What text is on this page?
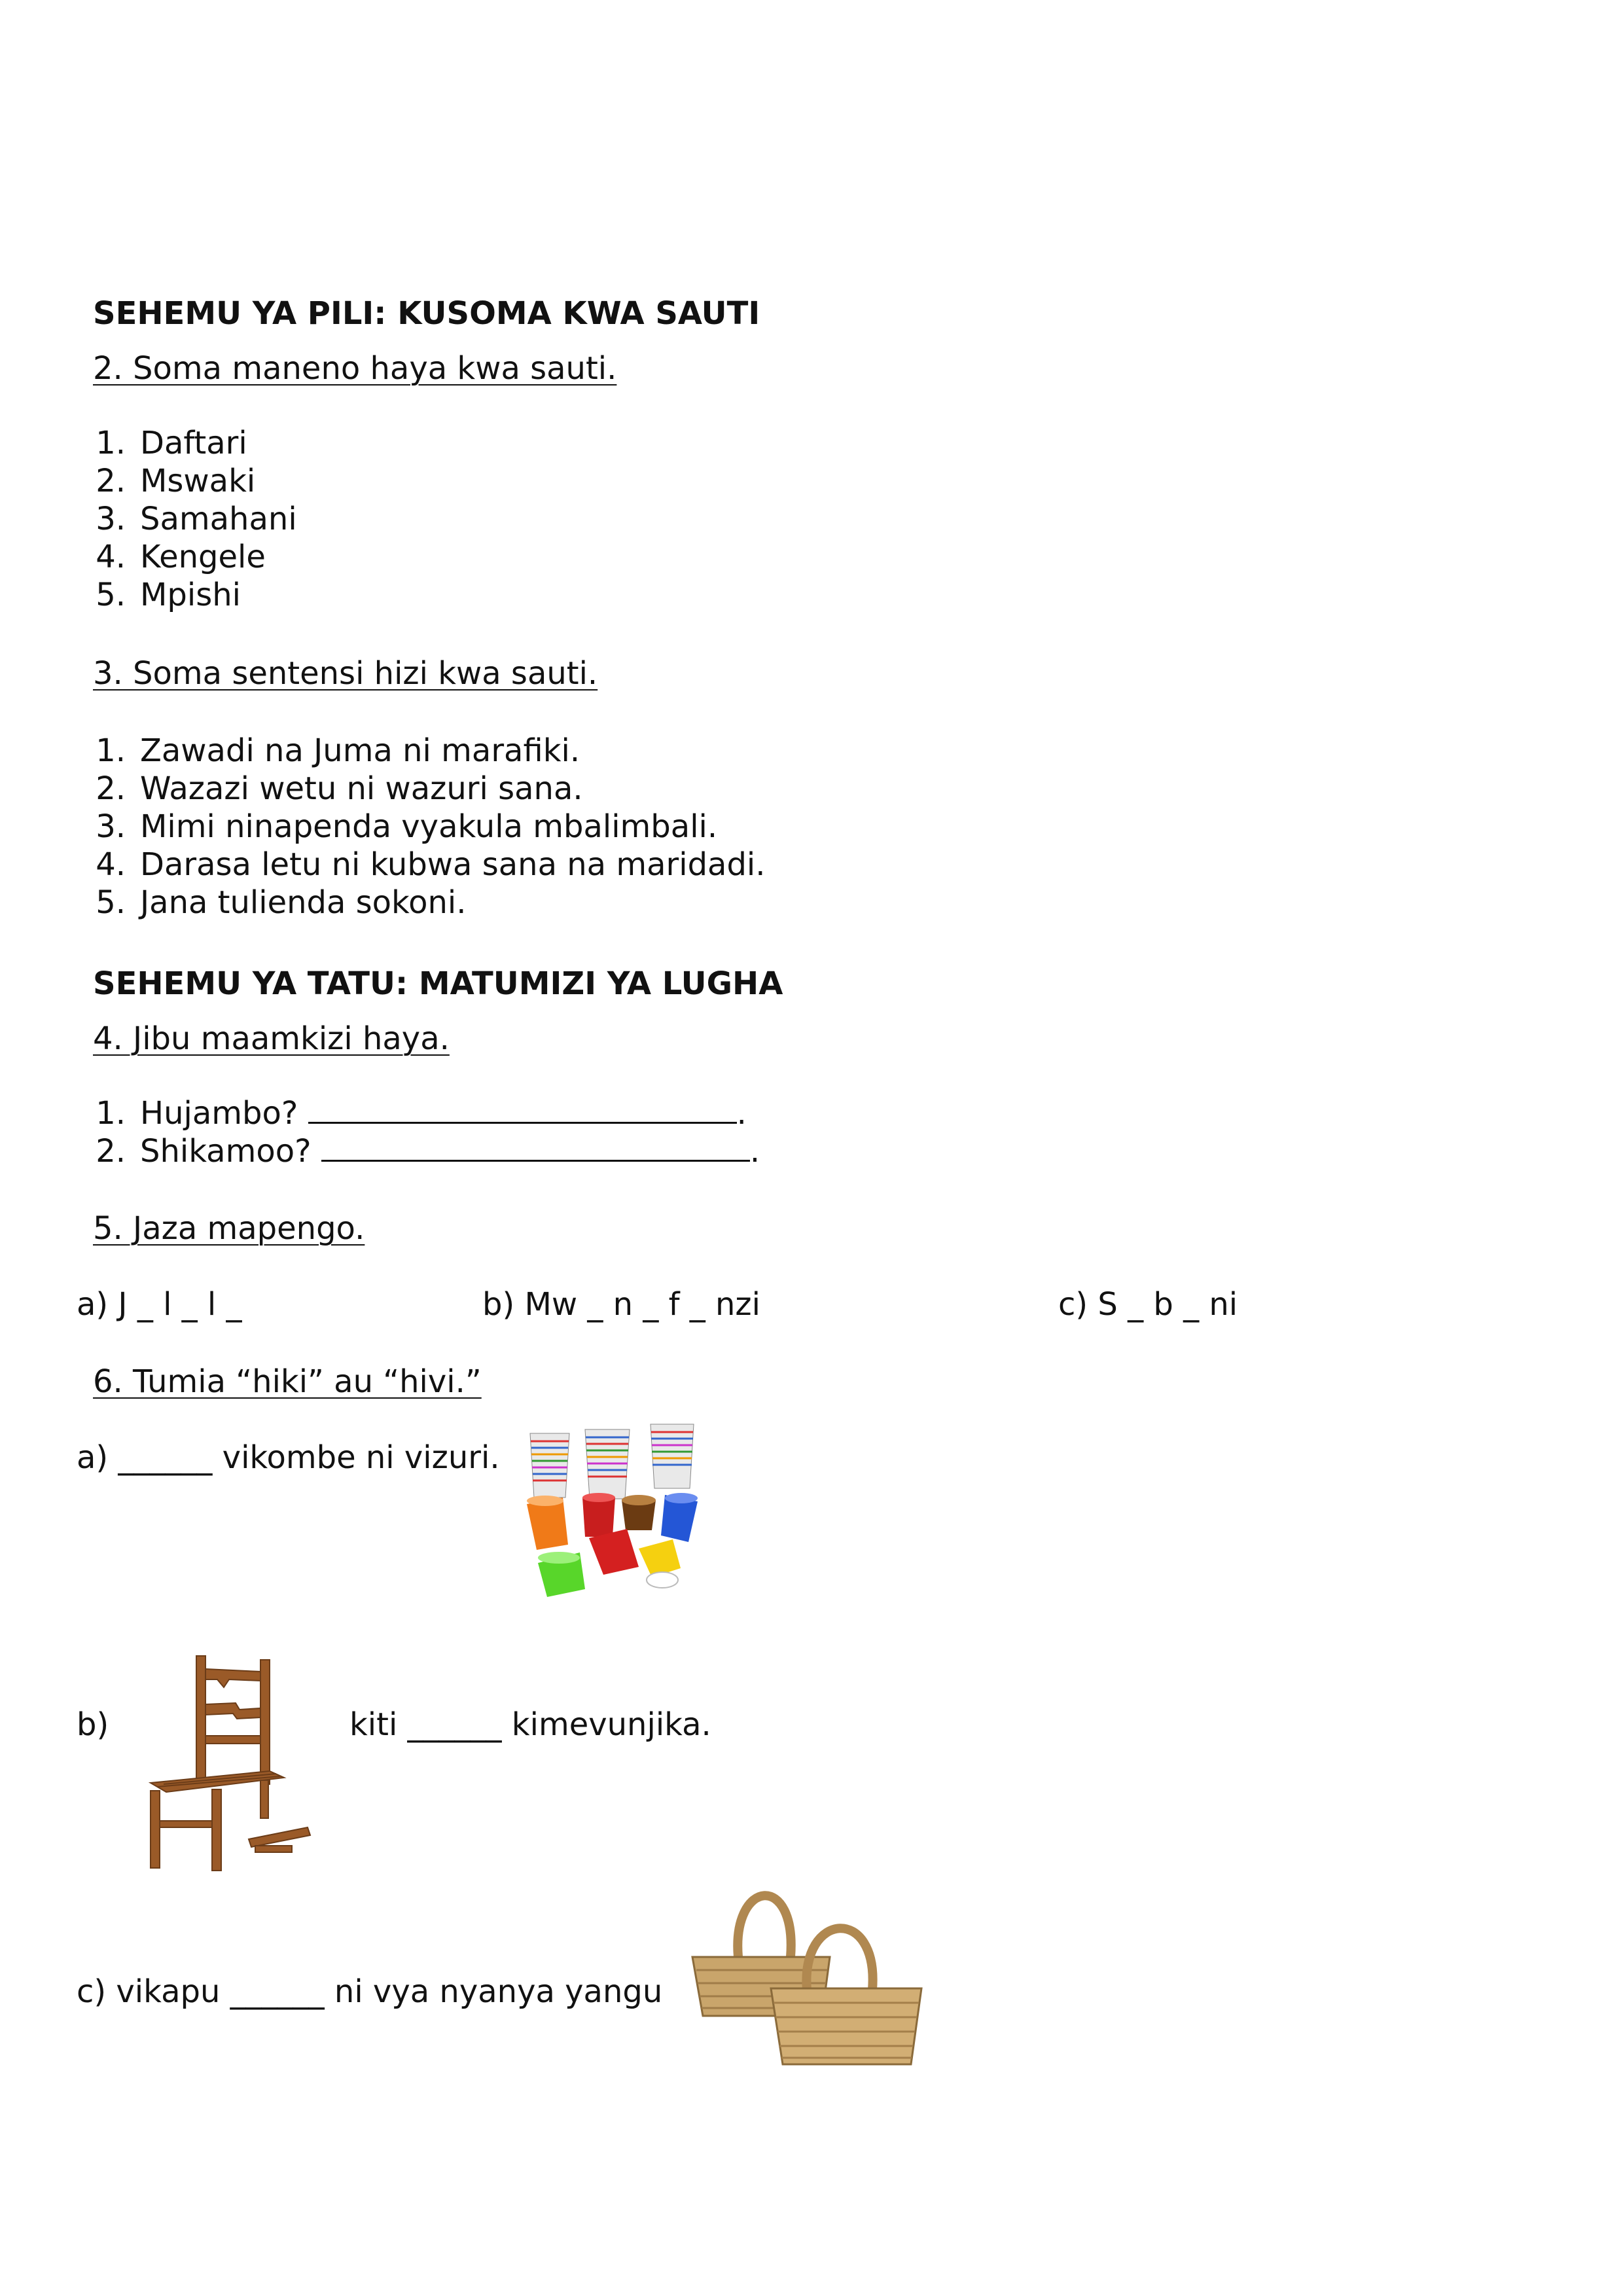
SEHEMU YA PILI: KUSOMA KWA SAUTI
2. Soma maneno haya kwa sauti.
1. Daftari
2. Mswaki
3. Samahani
4. Kengele
5. Mpishi
3. Soma sentensi hizi kwa sauti.
1. Zawadi na Juma ni marafiki.
2. Wazazi wetu ni wazuri sana.
3. Mimi ninapenda vyakula mbalimbali.
4. Darasa letu ni kubwa sana na maridadi.
5. Jana tulienda sokoni.
SEHEMU YA TATU: MATUMIZI YA LUGHA
4. Jibu maamkizi haya.
1. Hujambo?	.
2. Shikamoo?	.
5. Jaza mapengo.
a) J _ l _ l _	b) Mw _ n _ f _ nzi	c) S _ b _ ni
6. Tumia “hiki” au “hivi.”
a) ______ vikombe ni vizuri.
b)	kiti ______ kimevunjika.
c) vikapu ______ ni vya nyanya yangu
